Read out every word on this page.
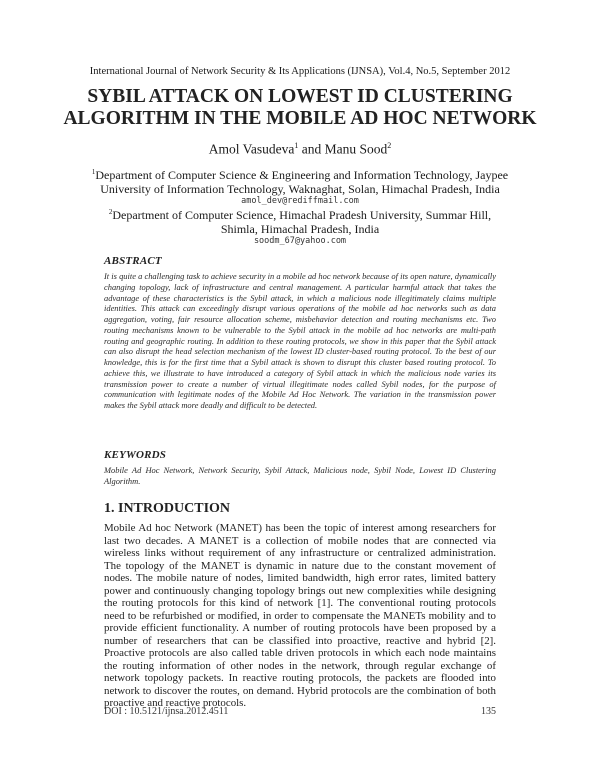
International Journal of Network Security & Its Applications (IJNSA), Vol.4, No.5, September 2012
SYBIL ATTACK ON LOWEST ID CLUSTERING
ALGORITHM IN THE MOBILE AD HOC NETWORK
Amol Vasudeva$^1$ and Manu Sood$^2$
$^1$Department of Computer Science & Engineering and Information Technology, Jaypee University of Information Technology, Waknaghat, Solan, Himachal Pradesh, India
amol_dev@rediffmail.com
$^2$Department of Computer Science, Himachal Pradesh University, Summar Hill, Shimla, Himachal Pradesh, India
soodm_67@yahoo.com
ABSTRACT
It is quite a challenging task to achieve security in a mobile ad hoc network because of its open nature, dynamically changing topology, lack of infrastructure and central management. A particular harmful attack that takes the advantage of these characteristics is the Sybil attack, in which a malicious node illegitimately claims multiple identities. This attack can exceedingly disrupt various operations of the mobile ad hoc networks such as data aggregation, voting, fair resource allocation scheme, misbehavior detection and routing mechanisms etc. Two routing mechanisms known to be vulnerable to the Sybil attack in the mobile ad hoc networks are multi-path routing and geographic routing. In addition to these routing protocols, we show in this paper that the Sybil attack can also disrupt the head selection mechanism of the lowest ID cluster-based routing protocol. To the best of our knowledge, this is for the first time that a Sybil attack is shown to disrupt this cluster based routing protocol. To achieve this, we illustrate to have introduced a category of Sybil attack in which the malicious node varies its transmission power to create a number of virtual illegitimate nodes called Sybil nodes, for the purpose of communication with legitimate nodes of the Mobile Ad Hoc Network. The variation in the transmission power makes the Sybil attack more deadly and difficult to be detected.
KEYWORDS
Mobile Ad Hoc Network, Network Security, Sybil Attack, Malicious node, Sybil Node, Lowest ID Clustering Algorithm.
1. INTRODUCTION
Mobile Ad hoc Network (MANET) has been the topic of interest among researchers for last two decades. A MANET is a collection of mobile nodes that are connected via wireless links without requirement of any infrastructure or centralized administration. The topology of the MANET is dynamic in nature due to the constant movement of nodes. The mobile nature of nodes, limited bandwidth, high error rates, limited battery power and continuously changing topology brings out new complexities while designing the routing protocols for this kind of network [1]. The conventional routing protocols need to be refurbished or modified, in order to compensate the MANETs mobility and to provide efficient functionality. A number of routing protocols have been proposed by a number of researchers that can be classified into proactive, reactive and hybrid [2]. Proactive protocols are also called table driven protocols in which each node maintains the routing information of other nodes in the network, through regular exchange of network topology packets. In reactive routing protocols, the packets are flooded into network to discover the routes, on demand. Hybrid protocols are the combination of both proactive and reactive protocols.
DOI : 10.5121/ijnsa.2012.4511	135
